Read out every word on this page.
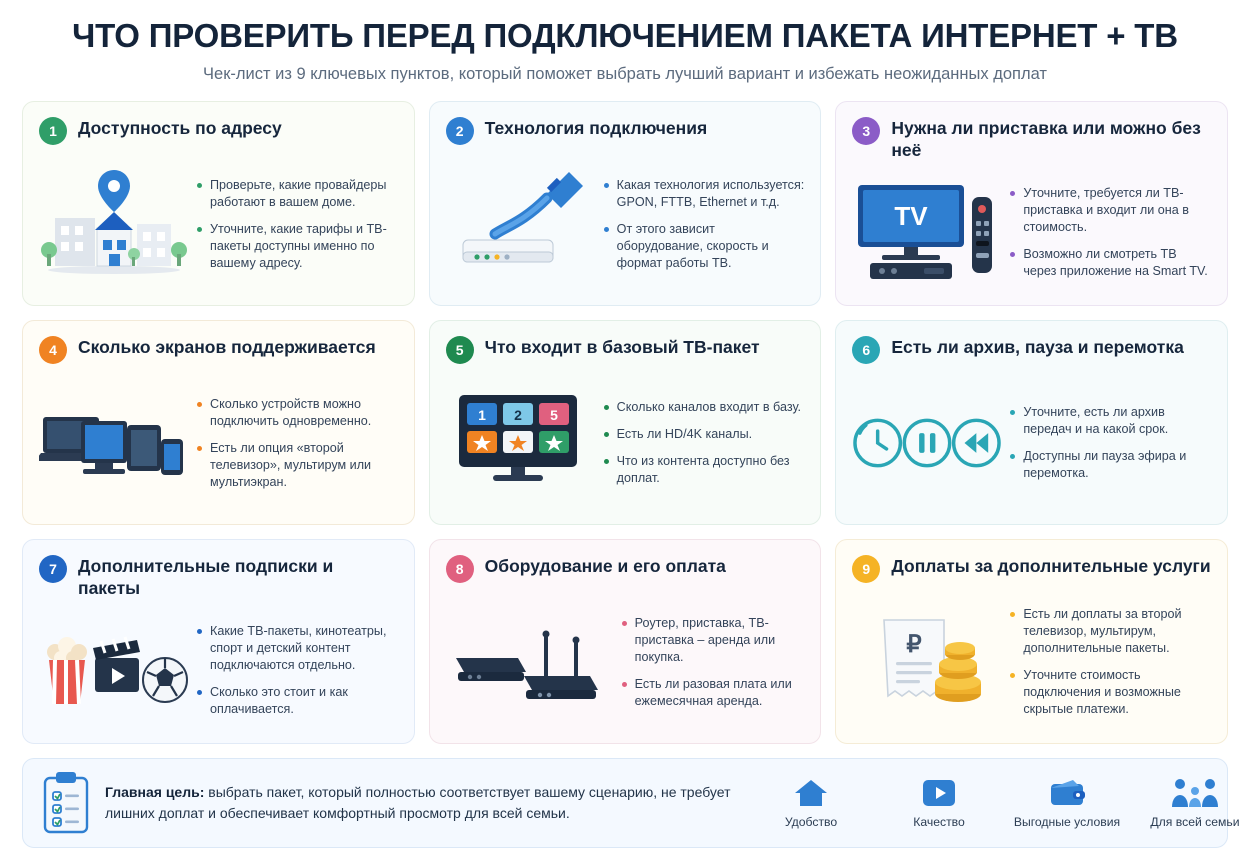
ЧТО ПРОВЕРИТЬ ПЕРЕД ПОДКЛЮЧЕНИЕМ ПАКЕТА ИНТЕРНЕТ + ТВ
Чек-лист из 9 ключевых пунктов, который поможет выбрать лучший вариант и избежать неожиданных доплат
1	Доступность по адресу
Проверьте, какие провайдеры работают в вашем доме.
Уточните, какие тарифы и ТВ-пакеты доступны именно по вашему адресу.
2	Технология подключения
Какая технология используется: GPON, FTTB, Ethernet и т.д.
От этого зависит оборудование, скорость и формат работы ТВ.
3	Нужна ли приставка или можно без неё
TV
Уточните, требуется ли ТВ-приставка и входит ли она в стоимость.
Возможно ли смотреть ТВ через приложение на Smart TV.
4	Сколько экранов поддерживается
Сколько устройств можно подключить одновременно.
Есть ли опция «второй телевизор», мультирум или мультиэкран.
5	Что входит в базовый ТВ-пакет
1 2 5	Сколько каналов входит в базу.
Есть ли HD/4K каналы.
Что из контента доступно без доплат.
6	Есть ли архив, пауза и перемотка
Уточните, есть ли архив передач и на какой срок.
Доступны ли пауза эфира и перемотка.
7	Дополнительные подписки и пакеты
Какие ТВ-пакеты, кинотеатры, спорт и детский контент подключаются отдельно.
Сколько это стоит и как оплачивается.
8	Оборудование и его оплата
Роутер, приставка, ТВ-приставка – аренда или покупка.
Есть ли разовая плата или ежемесячная аренда.
9	Доплаты за дополнительные услуги
₽
Есть ли доплаты за второй телевизор, мультирум, дополнительные пакеты.
Уточните стоимость подключения и возможные скрытые платежи.
Главная цель: выбрать пакет, который полностью соответствует вашему сценарию, не требует лишних доплат и обеспечивает комфортный просмотр для всей семьи.
Удобство	Качество	Выгодные условия	Для всей семьи
